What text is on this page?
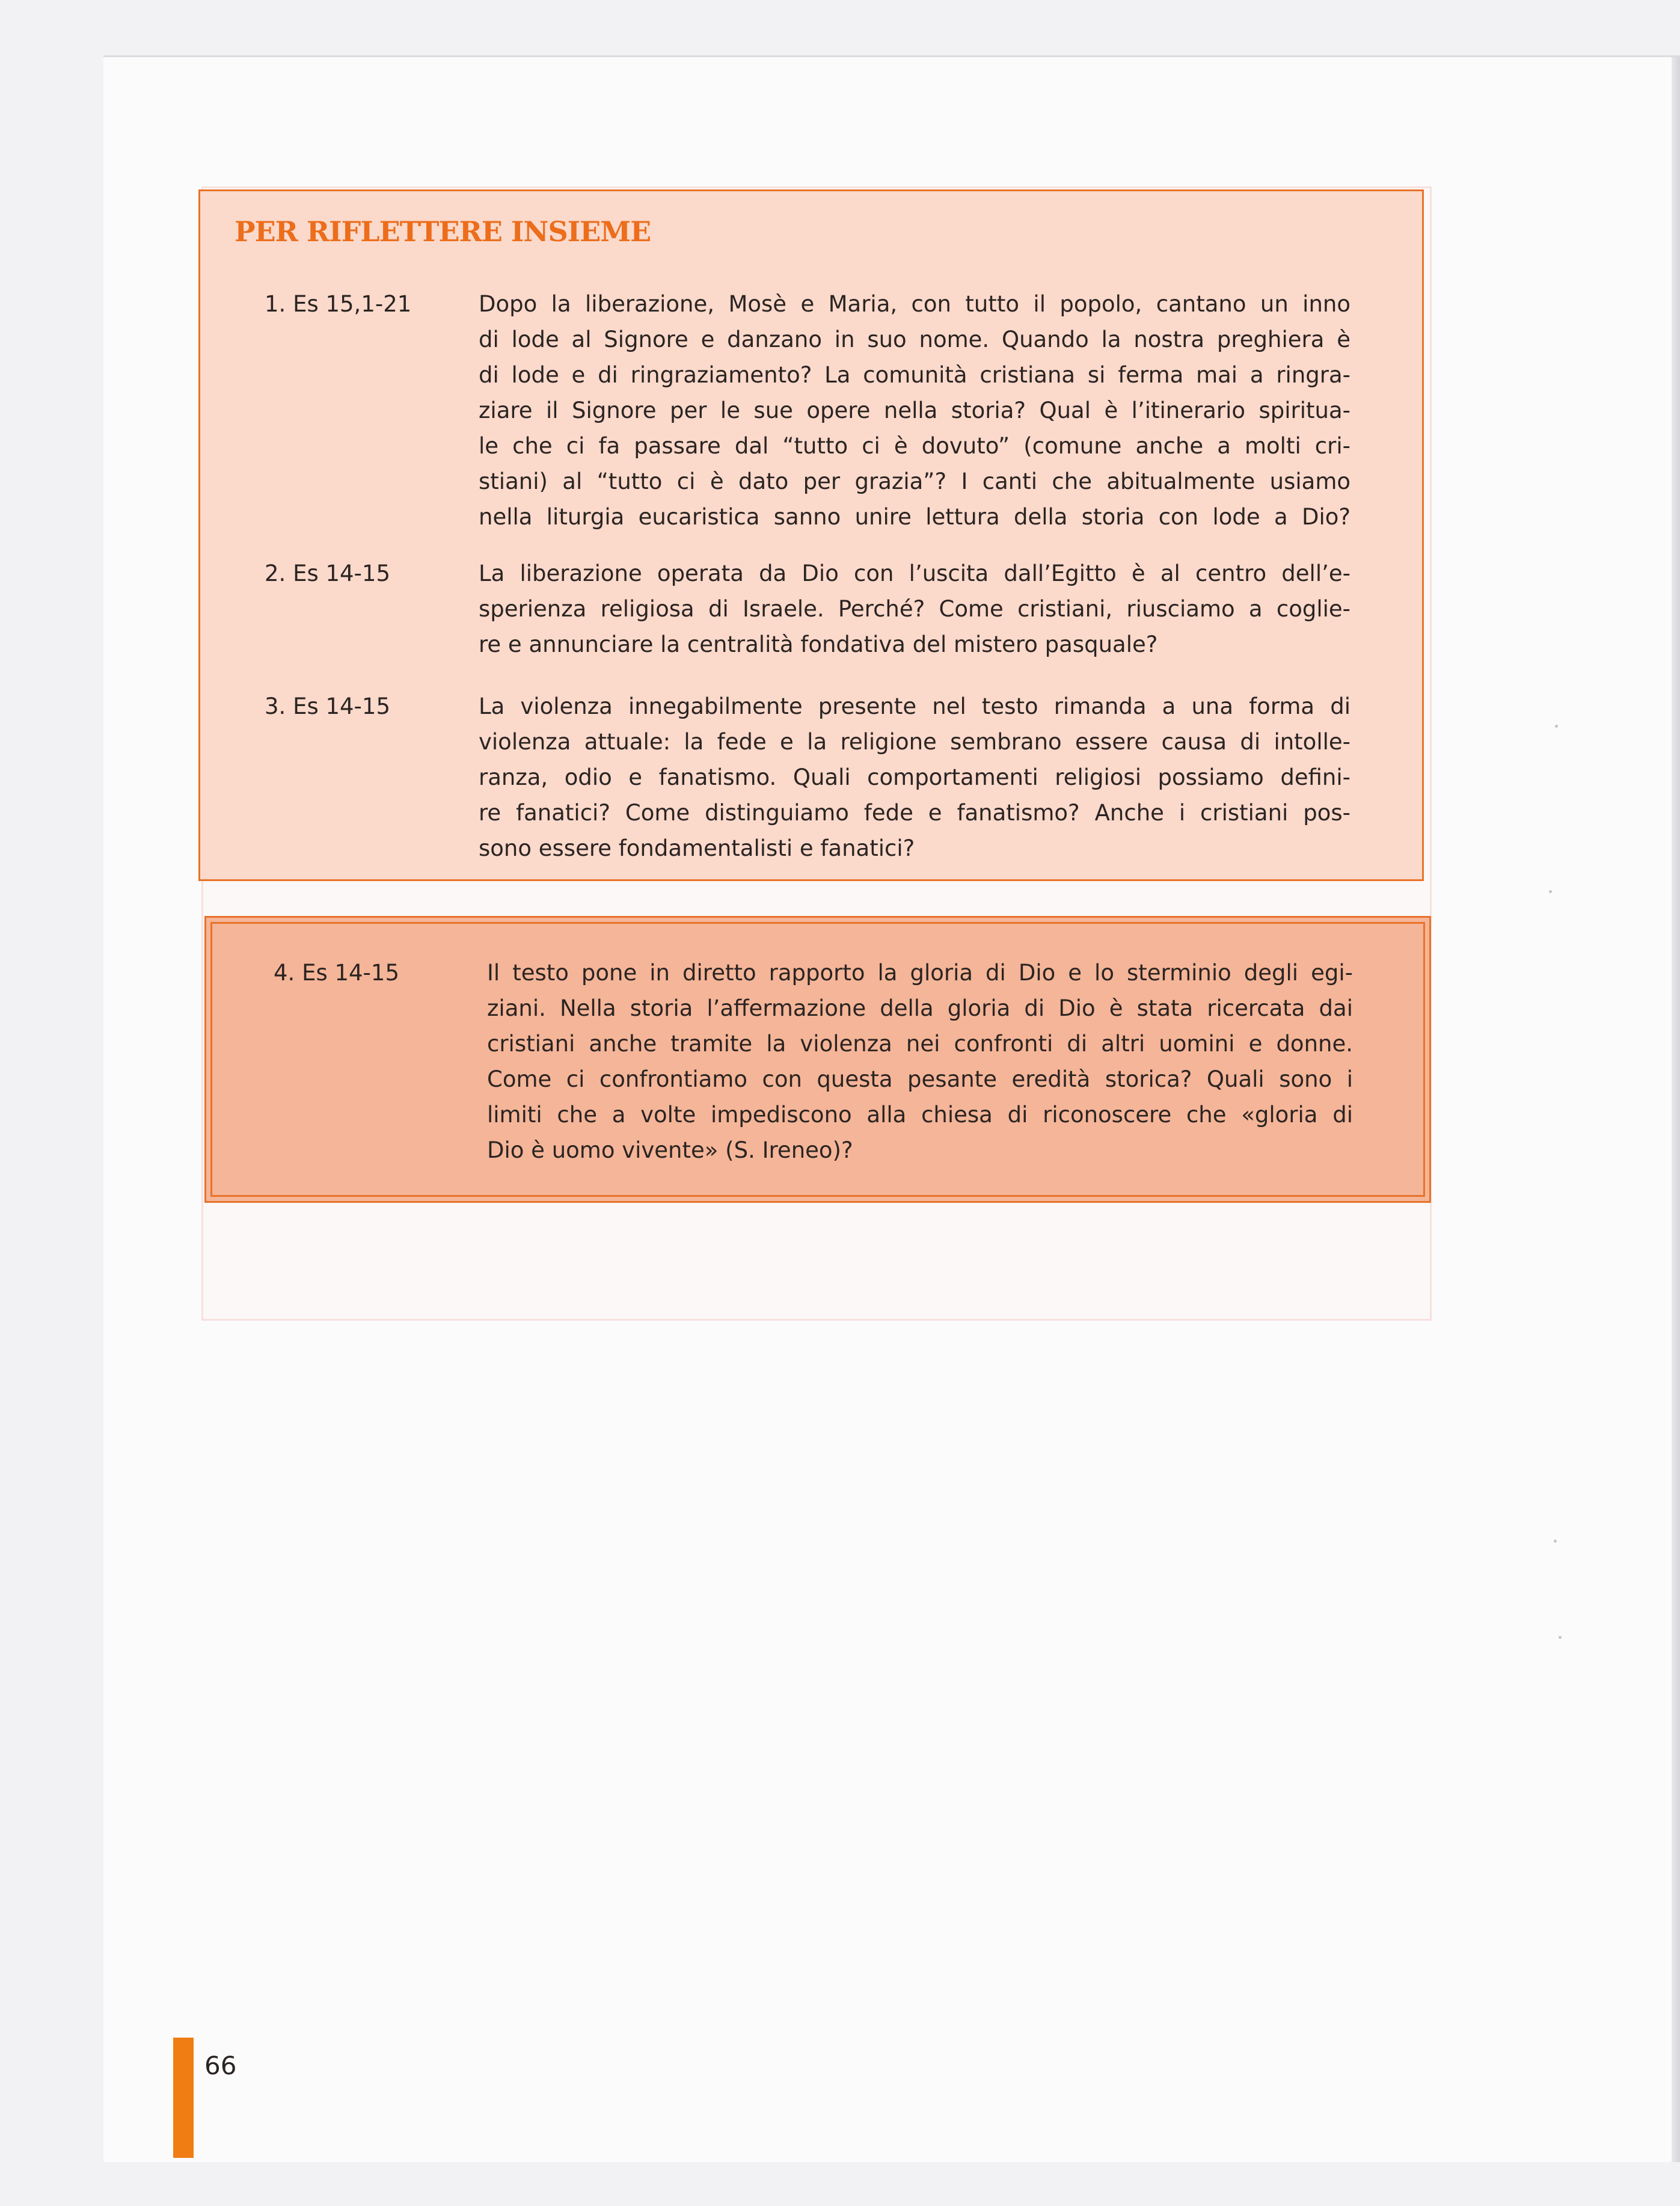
PER RIFLETTERE INSIEME
1. Es 15,1-21	Dopo la liberazione, Mosè e Maria, con tutto il popolo, cantano un inno
di lode al Signore e danzano in suo nome. Quando la nostra preghiera è
di lode e di ringraziamento? La comunità cristiana si ferma mai a ringra-
ziare il Signore per le sue opere nella storia? Qual è l’itinerario spiritua-
le che ci fa passare dal “tutto ci è dovuto” (comune anche a molti cri-
stiani) al “tutto ci è dato per grazia”? I canti che abitualmente usiamo
nella liturgia eucaristica sanno unire lettura della storia con lode a Dio?
2. Es 14-15	La liberazione operata da Dio con l’uscita dall’Egitto è al centro dell’e-
sperienza religiosa di Israele. Perché? Come cristiani, riusciamo a coglie-
re e annunciare la centralità fondativa del mistero pasquale?
3. Es 14-15	La violenza innegabilmente presente nel testo rimanda a una forma di
violenza attuale: la fede e la religione sembrano essere causa di intolle-
ranza, odio e fanatismo. Quali comportamenti religiosi possiamo defini-
re fanatici? Come distinguiamo fede e fanatismo? Anche i cristiani pos-
sono essere fondamentalisti e fanatici?
4. Es 14-15	Il testo pone in diretto rapporto la gloria di Dio e lo sterminio degli egi-
ziani. Nella storia l’affermazione della gloria di Dio è stata ricercata dai
cristiani anche tramite la violenza nei confronti di altri uomini e donne.
Come ci confrontiamo con questa pesante eredità storica? Quali sono i
limiti che a volte impediscono alla chiesa di riconoscere che «gloria di
Dio è uomo vivente» (S. Ireneo)?
66
